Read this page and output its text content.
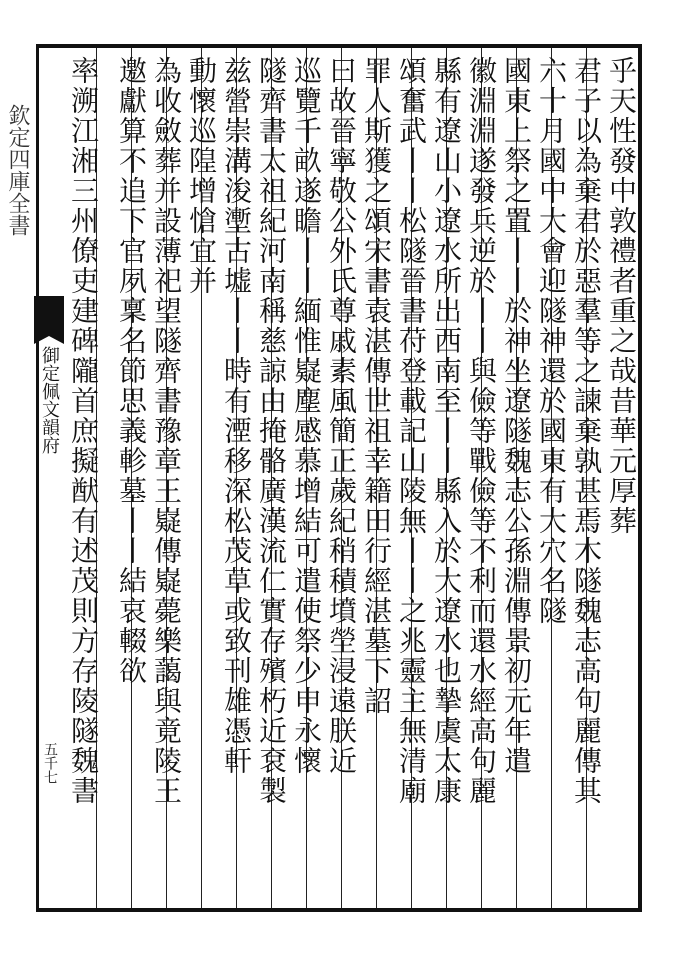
欽定四庫全書
御定佩文韻府
五千七
乎天性發中敦禮者重之哉昔華元厚葬
君子以為棄君於惡羣等之諫棄孰甚焉木隧魏志高句麗傳其
六十月國中大會迎隧神還於國東有大穴名隧
國東上祭之置丨丨於神坐遼隧魏志公孫淵傳景初元年遣
徽淵淵遂發兵逆於丨丨與儉等戰儉等不利而還水經高句麗
縣有遼山小遼水所出西南至丨丨縣入於大遼水也摯虞太康
頌奮武丨丨松隧晉書苻登載記山陵無丨丨之兆靈主無清廟
罪人斯獲之頌宋書袁湛傳世祖幸籍田行經湛墓下詔
曰故晉寧敬公外氏尊戚素風簡正歲紀稍積墳塋浸遠朕近
巡覽千畝遂瞻丨丨緬惟嶷塵感慕增結可遣使祭少申永懷
隧齊書太祖紀河南稱慈諒由掩骼廣漢流仁實存殯朽近袞製
兹營崇溝浚壍古墟丨丨時有湮移深松茂草或致刊雄憑軒
動懷巡隍增愴宜并
為收斂葬并設薄祀望隧齊書豫章王嶷傳嶷薨樂藹與竟陵王
邀獻算不追下官夙稟名節思義軫墓丨丨結哀輟欲
率溯江湘三州僚吏建碑隴首庶擬猷有述茂則方存陵隧魏書
